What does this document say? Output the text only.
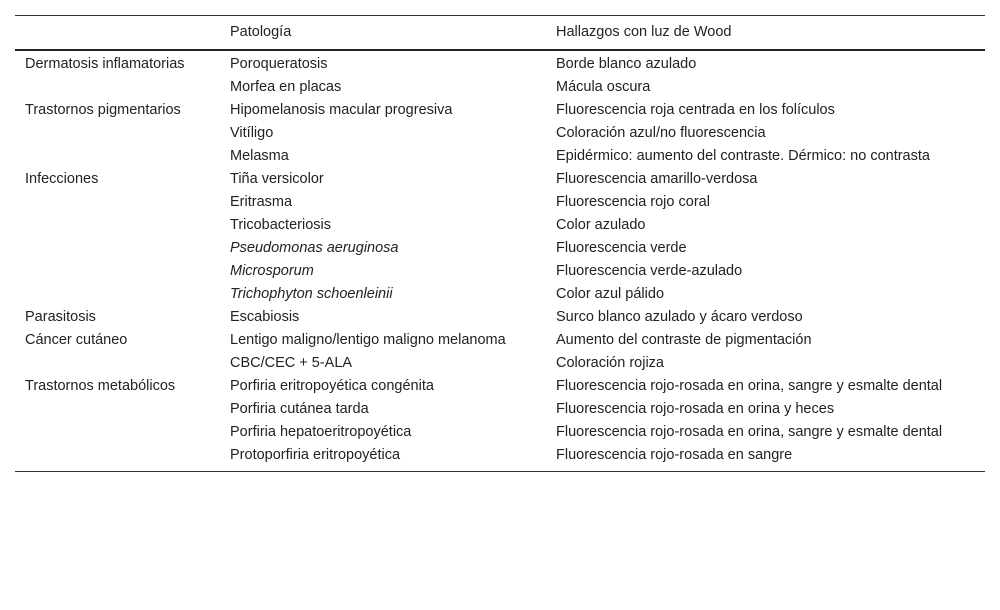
	Patología	Hallazgos con luz de Wood
Dermatosis inflamatorias	Poroqueratosis	Borde blanco azulado
	Morfea en placas	Mácula oscura
Trastornos pigmentarios	Hipomelanosis macular progresiva	Fluorescencia roja centrada en los folículos
	Vitíligo	Coloración azul/no fluorescencia
	Melasma	Epidérmico: aumento del contraste. Dérmico: no contrasta
Infecciones	Tiña versicolor	Fluorescencia amarillo-verdosa
	Eritrasma	Fluorescencia rojo coral
	Tricobacteriosis	Color azulado
	Pseudomonas aeruginosa	Fluorescencia verde
	Microsporum	Fluorescencia verde-azulado
	Trichophyton schoenleinii	Color azul pálido
Parasitosis	Escabiosis	Surco blanco azulado y ácaro verdoso
Cáncer cutáneo	Lentigo maligno/lentigo maligno melanoma	Aumento del contraste de pigmentación
	CBC/CEC + 5-ALA	Coloración rojiza
Trastornos metabólicos	Porfiria eritropoyética congénita	Fluorescencia rojo-rosada en orina, sangre y esmalte dental
	Porfiria cutánea tarda	Fluorescencia rojo-rosada en orina y heces
	Porfiria hepatoeritropoyética	Fluorescencia rojo-rosada en orina, sangre y esmalte dental
	Protoporfiria eritropoyética	Fluorescencia rojo-rosada en sangre
